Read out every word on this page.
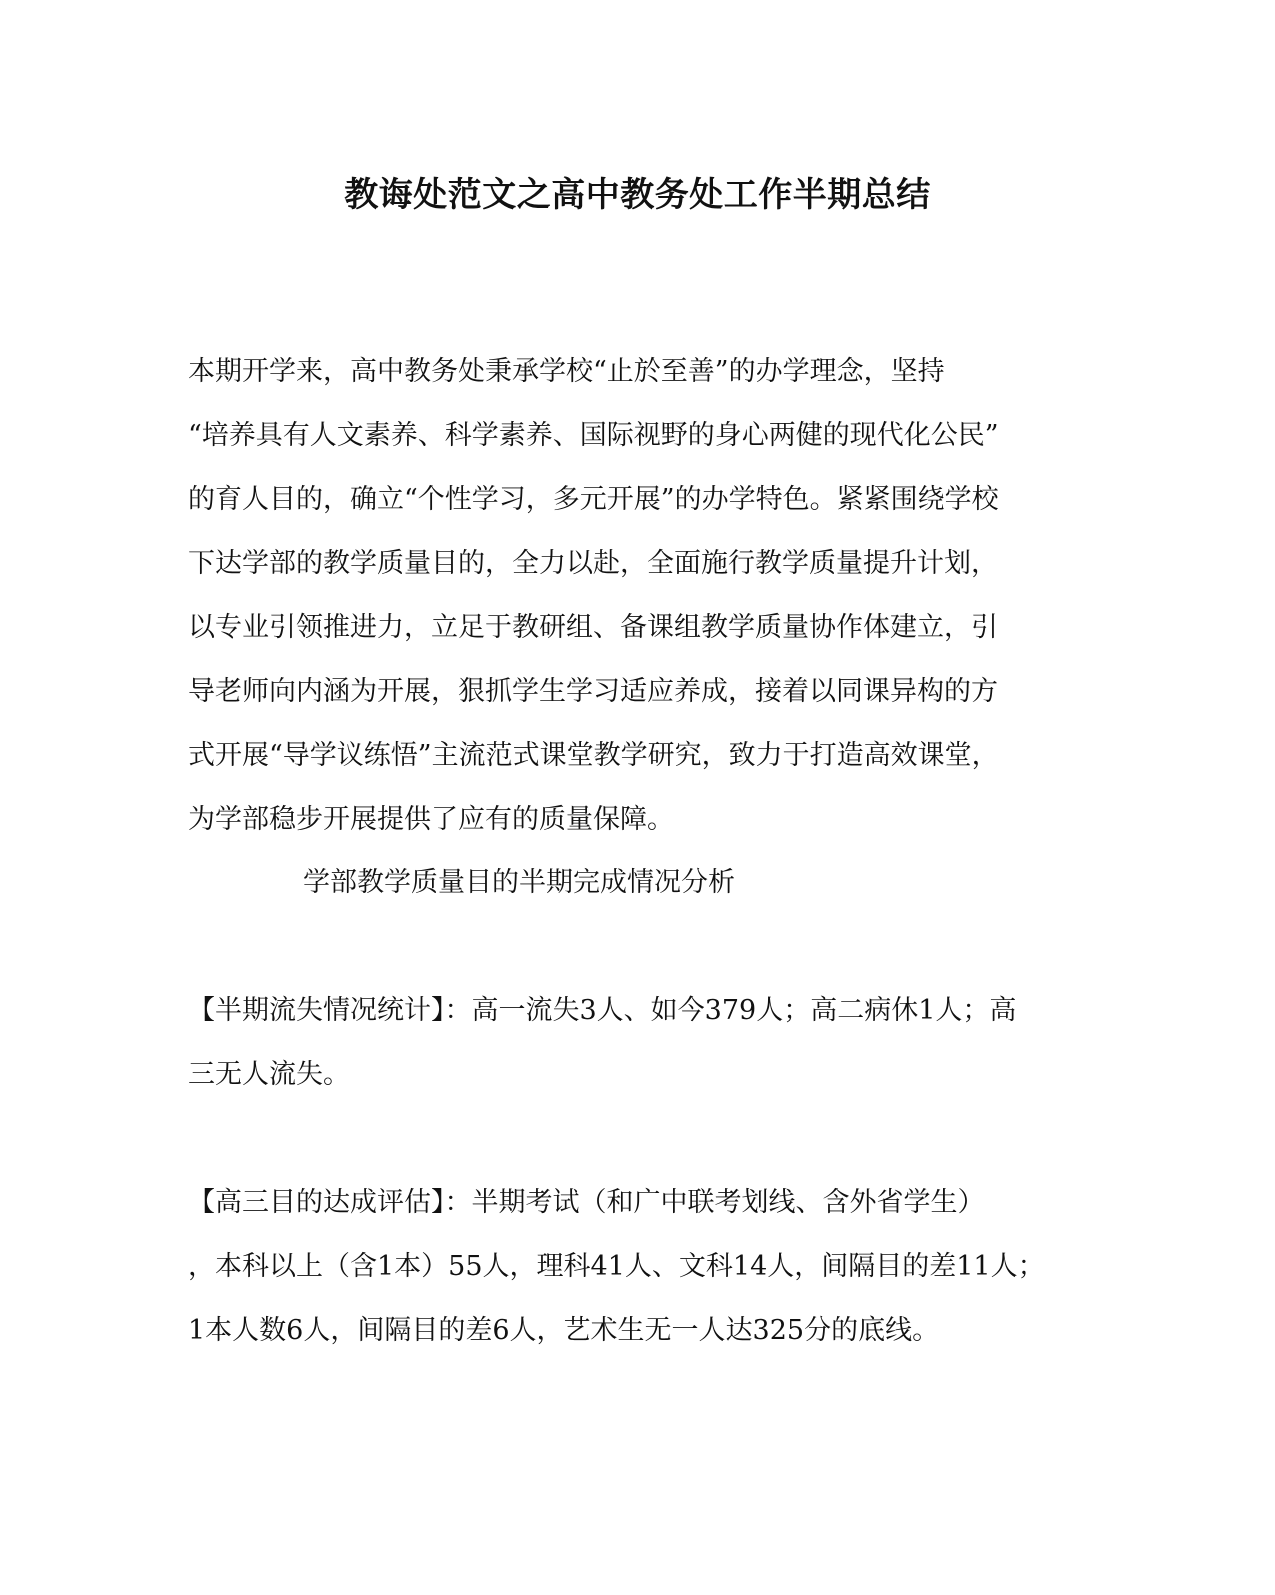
教诲处范文之高中教务处工作半期总结
本期开学来，高中教务处秉承学校“止於至善”的办学理念，坚持
“培养具有人文素养、科学素养、国际视野的身心两健的现代化公民”
的育人目的，确立“个性学习，多元开展”的办学特色。紧紧围绕学校
下达学部的教学质量目的，全力以赴，全面施行教学质量提升计划，
以专业引领推进力，立足于教研组、备课组教学质量协作体建立，引
导老师向内涵为开展，狠抓学生学习适应养成，接着以同课异构的方
式开展“导学议练悟”主流范式课堂教学研究，致力于打造高效课堂，
为学部稳步开展提供了应有的质量保障。
学部教学质量目的半期完成情况分析
【半期流失情况统计】：高一流失3人、如今379人；高二病休1人；高
三无人流失。
【高三目的达成评估】：半期考试（和广中联考划线、含外省学生）
，本科以上（含1本）55人，理科41人、文科14人，间隔目的差11人；
1本人数6人，间隔目的差6人，艺术生无一人达325分的底线。
